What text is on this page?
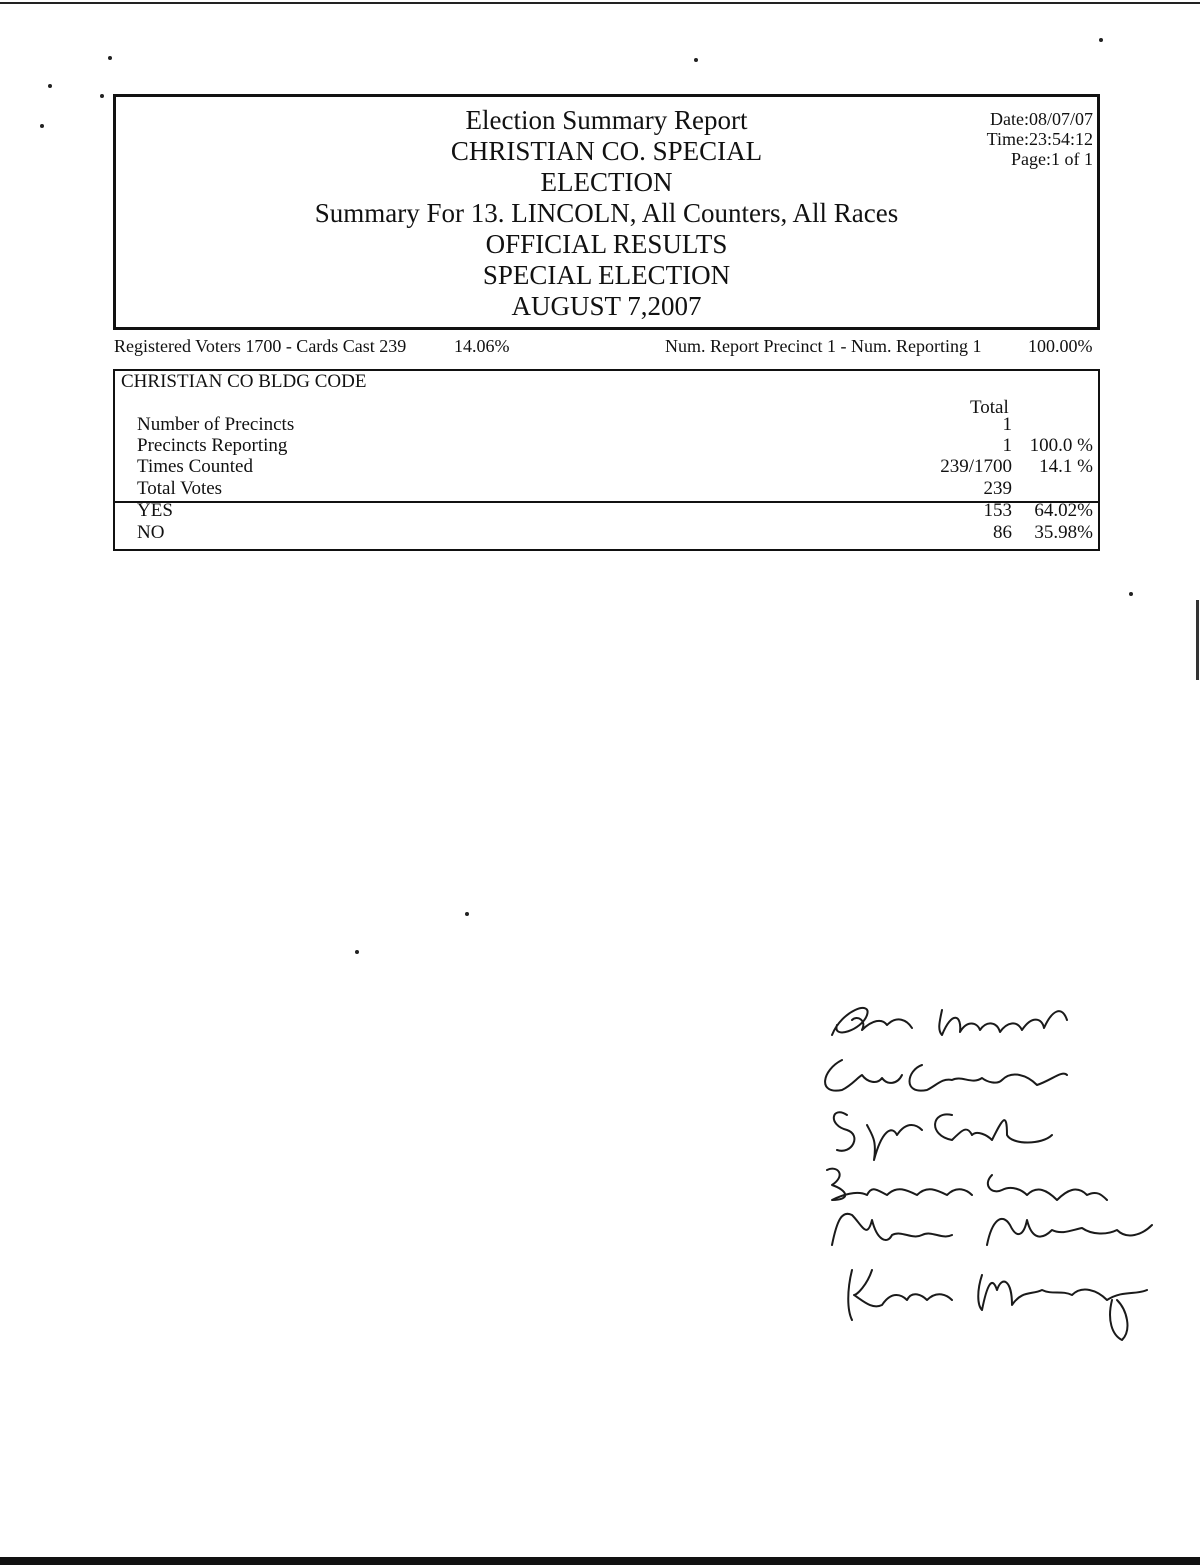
Election Summary Report
CHRISTIAN CO. SPECIAL
ELECTION
Summary For 13. LINCOLN, All Counters, All Races
OFFICIAL RESULTS
SPECIAL ELECTION
AUGUST 7,2007
Date:08/07/07
Time:23:54:12
Page:1 of 1
Registered Voters 1700 - Cards Cast 239	14.06%	Num. Report Precinct 1 - Num. Reporting 1	100.00%
CHRISTIAN CO BLDG CODE
Total
Number of Precincts	1
Precincts Reporting	1 100.0 %
Times Counted	239/1700 14.1 %
Total Votes	239
YES	153 64.02%
NO	86 35.98%
